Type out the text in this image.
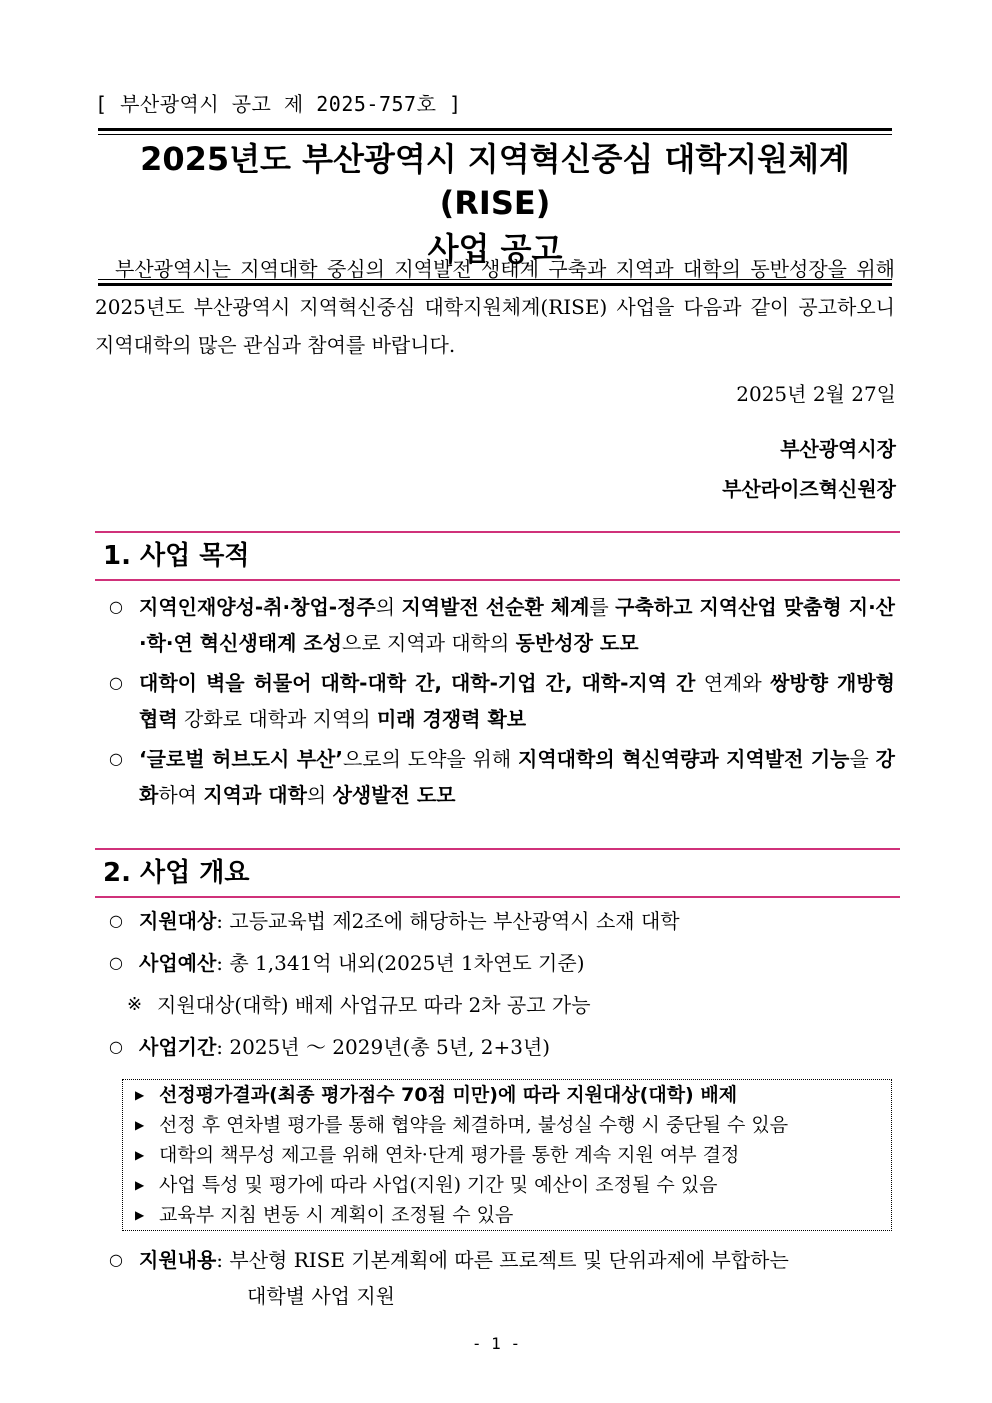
[ 부산광역시 공고 제 2025-757호 ]
2025년도 부산광역시 지역혁신중심 대학지원체계(RISE)
사업 공고
부산광역시는 지역대학 중심의 지역발전 생태계 구축과 지역과 대학의 동반성장을 위해 2025년도 부산광역시 지역혁신중심 대학지원체계(RISE) 사업을 다음과 같이 공고하오니 지역대학의 많은 관심과 참여를 바랍니다.
2025년 2월 27일
부산광역시장
부산라이즈혁신원장
1. 사업 목적
○ 지역인재양성-취·창업-정주의 지역발전 선순환 체계를 구축하고 지역산업 맞춤형 지·산·학·연 혁신생태계 조성으로 지역과 대학의 동반성장 도모
○ 대학이 벽을 허물어 대학-대학 간, 대학-기업 간, 대학-지역 간 연계와 쌍방향 개방형 협력 강화로 대학과 지역의 미래 경쟁력 확보
○ ‘글로벌 허브도시 부산’으로의 도약을 위해 지역대학의 혁신역량과 지역발전 기능을 강화하여 지역과 대학의 상생발전 도모
2. 사업 개요
○ 지원대상: 고등교육법 제2조에 해당하는 부산광역시 소재 대학
○ 사업예산: 총 1,341억 내외(2025년 1차연도 기준)
※ 지원대상(대학) 배제 사업규모 따라 2차 공고 가능
○ 사업기간: 2025년 ～ 2029년(총 5년, 2+3년)
▶ 선정평가결과(최종 평가점수 70점 미만)에 따라 지원대상(대학) 배제
▶ 선정 후 연차별 평가를 통해 협약을 체결하며, 불성실 수행 시 중단될 수 있음
▶ 대학의 책무성 제고를 위해 연차·단계 평가를 통한 계속 지원 여부 결정
▶ 사업 특성 및 평가에 따라 사업(지원) 기간 및 예산이 조정될 수 있음
▶ 교육부 지침 변동 시 계획이 조정될 수 있음
○ 지원내용: 부산형 RISE 기본계획에 따른 프로젝트 및 단위과제에 부합하는
대학별 사업 지원
- 1 -
